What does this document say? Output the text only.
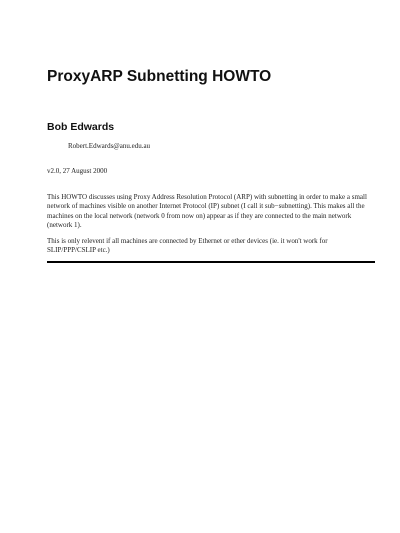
ProxyARP Subnetting HOWTO
Bob Edwards
Robert.Edwards@anu.edu.au
v2.0, 27 August 2000

This HOWTO discusses using Proxy Address Resolution Protocol (ARP) with subnetting in order to make a small network of machines visible on another Internet Protocol (IP) subnet (I call it sub−subnetting). This makes all the machines on the local network (network 0 from now on) appear as if they are connected to the main network (network 1).

This is only relevent if all machines are connected by Ethernet or ether devices (ie. it won't work for SLIP/PPP/CSLIP etc.)
